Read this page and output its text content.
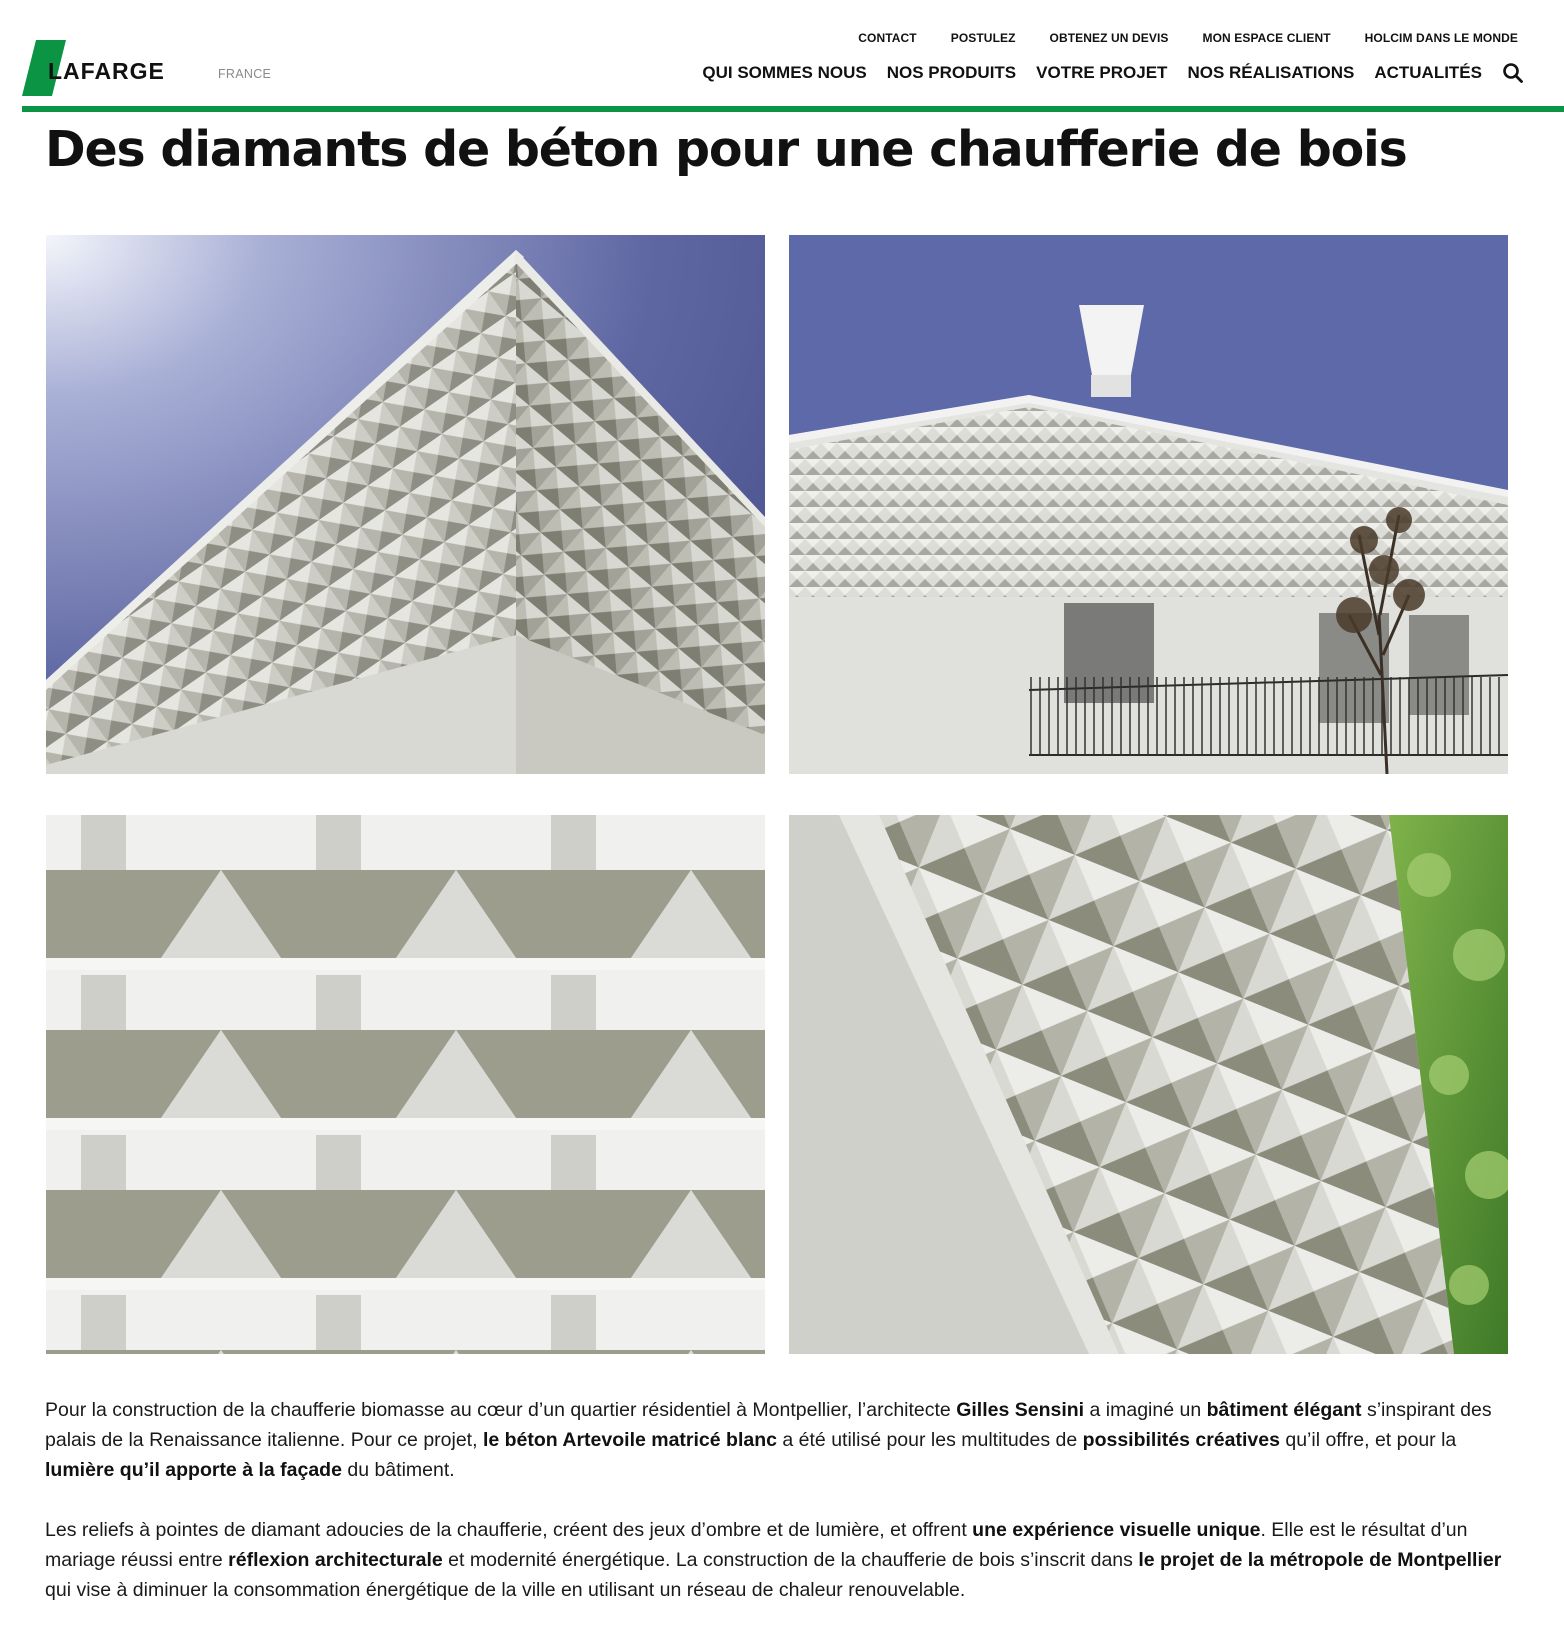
LAFARGE	FRANCE
CONTACT	POSTULEZ	OBTENEZ UN DEVIS	MON ESPACE CLIENT	HOLCIM DANS LE MONDE
QUI SOMMES NOUS NOS PRODUITS VOTRE PROJET NOS RÉALISATIONS ACTUALITÉS
Des diamants de béton pour une chaufferie de bois

Pour la construction de la chaufferie biomasse au cœur d’un quartier résidentiel à Montpellier, l’architecte Gilles Sensini a imaginé un bâtiment élégant s’inspirant des palais de la Renaissance italienne. Pour ce projet, le béton Artevoile matricé blanc a été utilisé pour les multitudes de possibilités créatives qu’il offre, et pour la lumière qu’il apporte à la façade du bâtiment.

Les reliefs à pointes de diamant adoucies de la chaufferie, créent des jeux d’ombre et de lumière, et offrent une expérience visuelle unique. Elle est le résultat d’un mariage réussi entre réflexion architecturale et modernité énergétique. La construction de la chaufferie de bois s’inscrit dans le projet de la métropole de Montpellier qui vise à diminuer la consommation énergétique de la ville en utilisant un réseau de chaleur renouvelable.
